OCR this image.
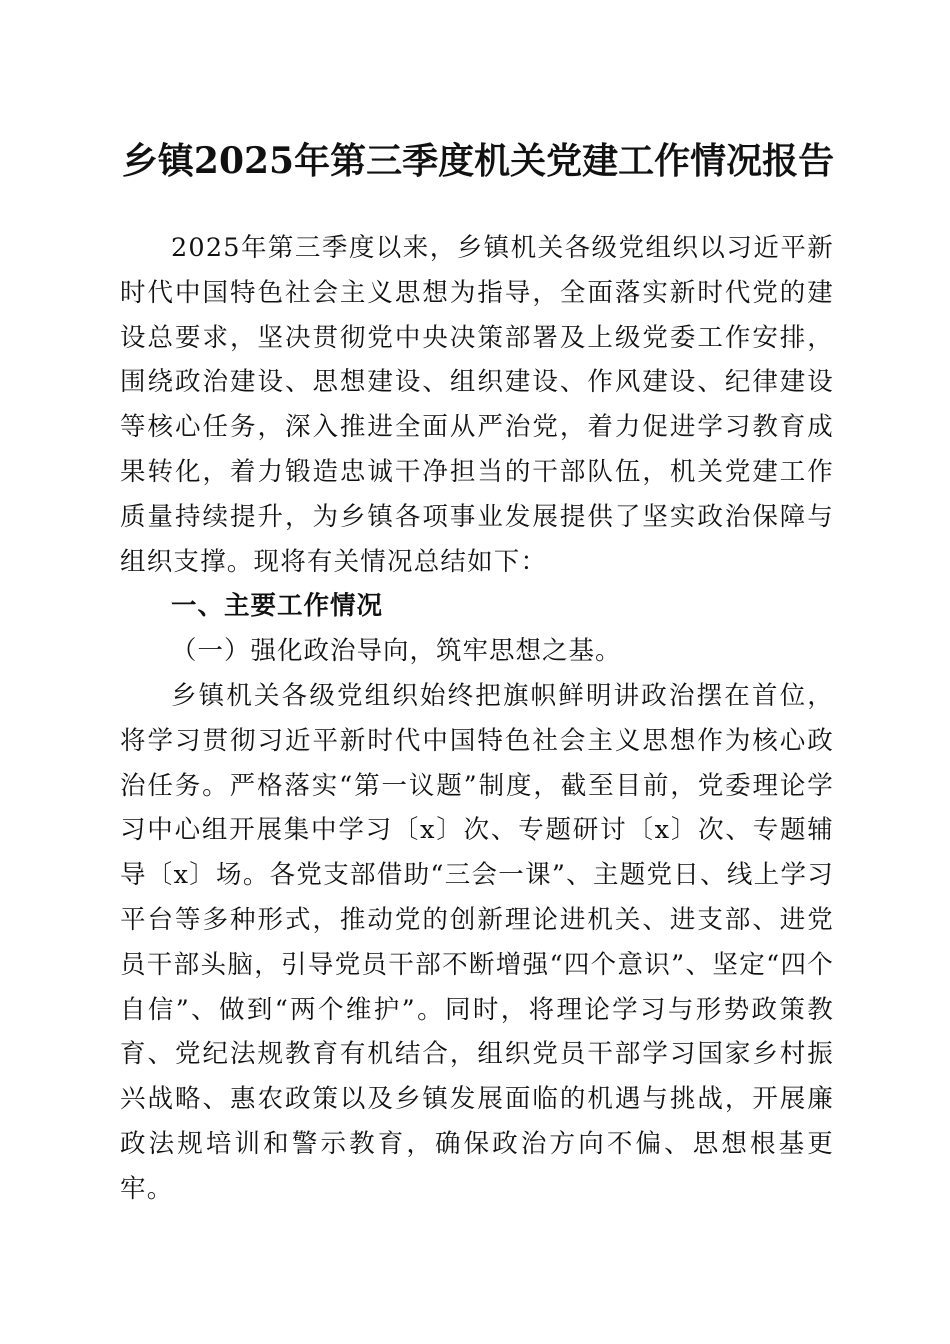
乡镇2025年第三季度机关党建工作情况报告

2025年第三季度以来，乡镇机关各级党组织以习近平新时代中国特色社会主义思想为指导，全面落实新时代党的建设总要求，坚决贯彻党中央决策部署及上级党委工作安排，围绕政治建设、思想建设、组织建设、作风建设、纪律建设等核心任务，深入推进全面从严治党，着力促进学习教育成果转化，着力锻造忠诚干净担当的干部队伍，机关党建工作质量持续提升，为乡镇各项事业发展提供了坚实政治保障与组织支撑。现将有关情况总结如下：

一、主要工作情况
（一）强化政治导向，筑牢思想之基。

乡镇机关各级党组织始终把旗帜鲜明讲政治摆在首位，将学习贯彻习近平新时代中国特色社会主义思想作为核心政治任务。严格落实“第一议题”制度，截至目前，党委理论学习中心组开展集中学习〔x〕次、专题研讨〔x〕次、专题辅导〔x〕场。各党支部借助“三会一课”、主题党日、线上学习平台等多种形式，推动党的创新理论进机关、进支部、进党员干部头脑，引导党员干部不断增强“四个意识”、坚定“四个自信”、做到“两个维护”。同时，将理论学习与形势政策教育、党纪法规教育有机结合，组织党员干部学习国家乡村振兴战略、惠农政策以及乡镇发展面临的机遇与挑战，开展廉政法规培训和警示教育，确保政治方向不偏、思想根基更牢。
